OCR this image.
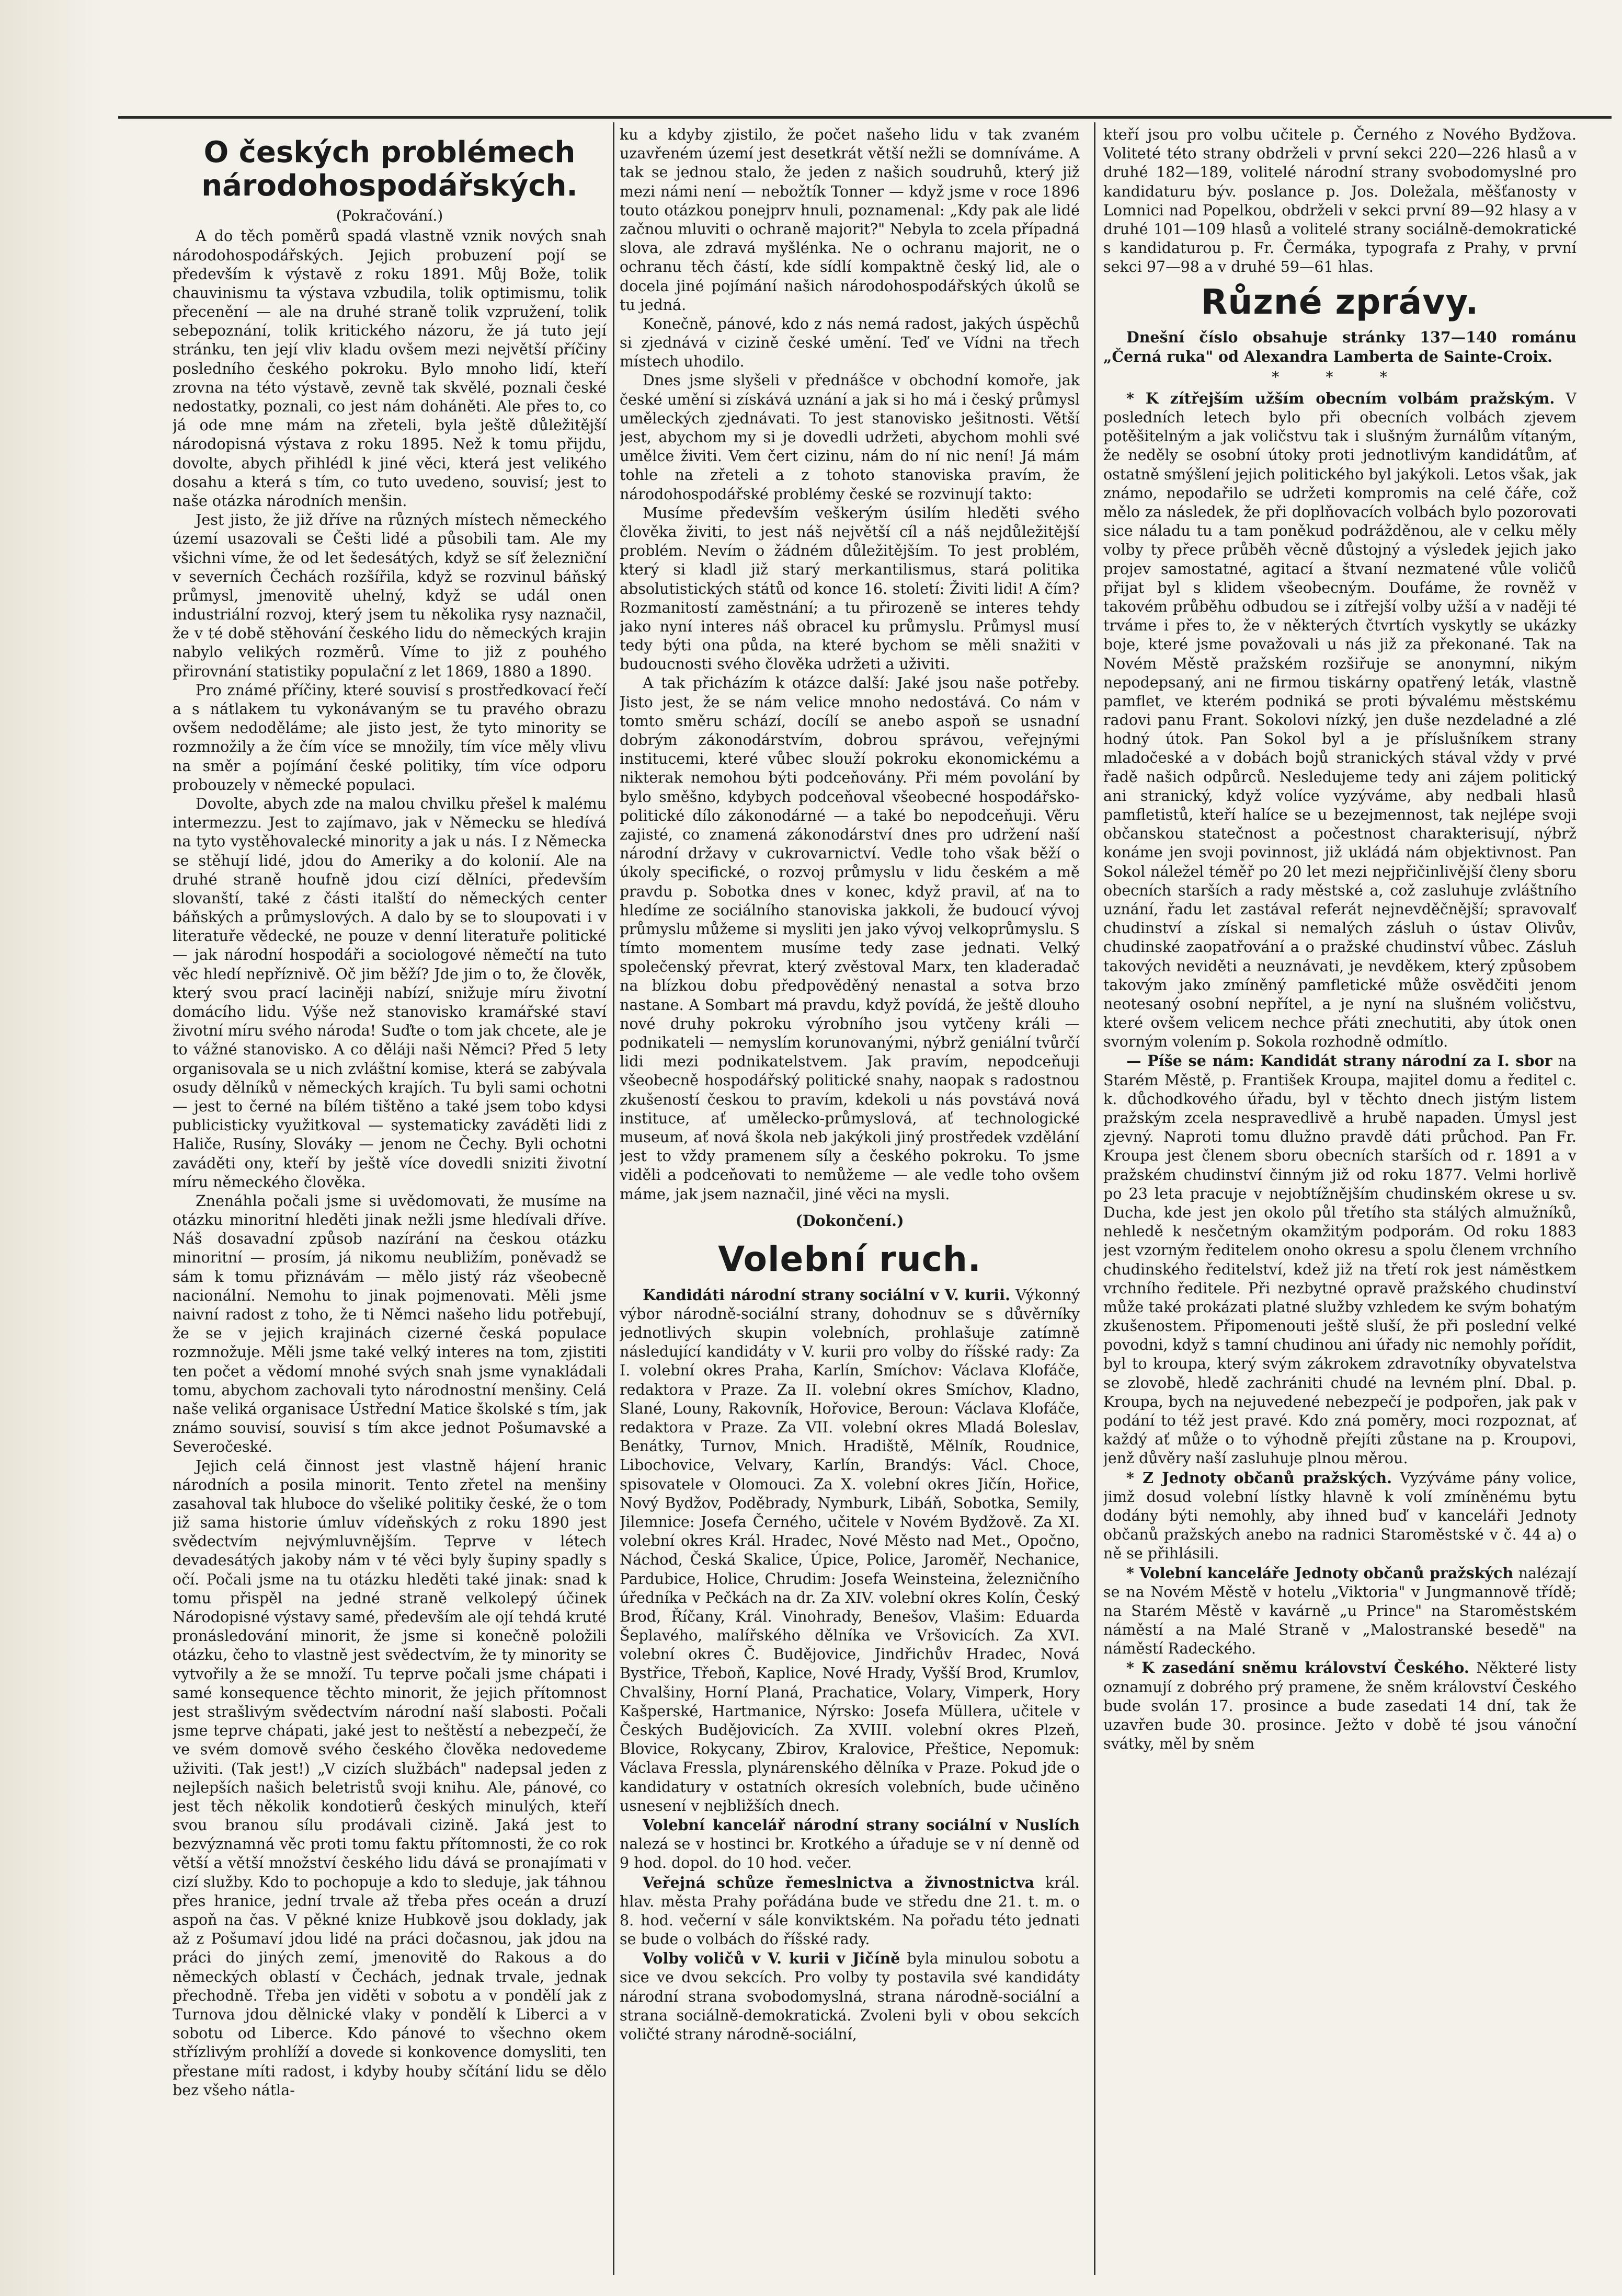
O českých problémech národohospodářských.
(Pokračování.)

A do těch poměrů spadá vlastně vznik nových snah národohospodářských. Jejich probuzení pojí se především k výstavě z roku 1891. Můj Bože, tolik chauvinismu ta výstava vzbudila, tolik optimismu, tolik přecenění — ale na druhé straně tolik vzpružení, tolik sebepoznání, tolik kritického názoru, že já tuto její stránku, ten její vliv kladu ovšem mezi největší příčiny posledního českého pokroku. Bylo mnoho lidí, kteří zrovna na této výstavě, zevně tak skvělé, poznali české nedostatky, poznali, co jest nám doháněti. Ale přes to, co já ode mne mám na zřeteli, byla ještě důležitější národopisná výstava z roku 1895. Než k tomu přijdu, dovolte, abych přihlédl k jiné věci, která jest velikého dosahu a která s tím, co tuto uvedeno, souvisí; jest to naše otázka národních menšin.

Jest jisto, že již dříve na různých místech německého území usazovali se Češti lidé a působili tam. Ale my všichni víme, že od let šedesátých, když se síť železniční v severních Čechách rozšířila, když se rozvinul báňský průmysl, jmenovitě uhelný, když se udál onen industriální rozvoj, který jsem tu několika rysy naznačil, že v té době stěhování českého lidu do německých krajin nabylo velikých rozměrů. Víme to již z pouhého přirovnání statistiky populační z let 1869, 1880 a 1890.

Pro známé příčiny, které souvisí s prostředkovací řečí a s nátlakem tu vykonávaným se tu pravého obrazu ovšem nedoděláme; ale jisto jest, že tyto minority se rozmnožily a že čím více se množily, tím více měly vlivu na směr a pojímání české politiky, tím více odporu probouzely v německé populaci.

Dovolte, abych zde na malou chvilku přešel k malému intermezzu. Jest to zajímavo, jak v Německu se hledívá na tyto vystěhovalecké minority a jak u nás. I z Německa se stěhují lidé, jdou do Ameriky a do kolonií. Ale na druhé straně houfně jdou cizí dělníci, především slovanští, také z části italští do německých center báňských a průmyslových. A dalo by se to sloupovati i v literatuře vědecké, ne pouze v denní literatuře politické — jak národní hospodáři a sociologové němečtí na tuto věc hledí nepříznivě. Oč jim běží? Jde jim o to, že člověk, který svou prací laciněji nabízí, snižuje míru životní domácího lidu. Výše než stanovisko kramářské staví životní míru svého národa! Suďte o tom jak chcete, ale je to vážné stanovisko. A co děláji naši Němci? Před 5 lety organisovala se u nich zvláštní komise, která se zabývala osudy dělníků v německých krajích. Tu byli sami ochotni — jest to černé na bílém tištěno a také jsem tobo kdysi publicisticky využitkoval — systematicky zaváděti lidi z Haliče, Rusíny, Slováky — jenom ne Čechy. Byli ochotni zaváděti ony, kteří by ještě více dovedli sniziti životní míru německého člověka.

Znenáhla počali jsme si uvědomovati, že musíme na otázku minoritní hleděti jinak nežli jsme hledívali dříve. Náš dosavadní způsob nazírání na českou otázku minoritní — prosím, já nikomu neubližím, poněvadž se sám k tomu přiznávám — mělo jistý ráz všeobecně nacionální. Nemohu to jinak pojmenovati. Měli jsme naivní radost z toho, že ti Němci našeho lidu potřebují, že se v jejich krajinách cizerné česká populace rozmnožuje. Měli jsme také velký interes na tom, zjistiti ten počet a vědomí mnohé svých snah jsme vynakládali tomu, abychom zachovali tyto národnostní menšiny. Celá naše veliká organisace Ústřední Matice školské s tím, jak známo souvisí, souvisí s tím akce jednot Pošumavské a Severočeské.

Jejich celá činnost jest vlastně hájení hranic národních a posila minorit. Tento zřetel na menšiny zasahoval tak hluboce do všeliké politiky české, že o tom již sama historie úmluv vídeňských z roku 1890 jest svědectvím nejvýmluvnějším. Teprve v létech devadesátých jakoby nám v té věci byly šupiny spadly s očí. Počali jsme na tu otázku hleděti také jinak: snad k tomu přispěl na jedné straně velkolepý účinek Národopisné výstavy samé, především ale ojí tehdá kruté pronásledování minorit, že jsme si konečně položili otázku, čeho to vlastně jest svědectvím, že ty minority se vytvořily a že se množí. Tu teprve počali jsme chápati i samé konsequence těchto minorit, že jejich přítomnost jest strašlivým svědectvím národní naší slabosti. Počali jsme teprve chápati, jaké jest to neštěstí a nebezpečí, že ve svém domově svého českého člověka nedovedeme uživiti. (Tak jest!) „V cizích službách" nadepsal jeden z nejlepších našich beletristů svoji knihu. Ale, pánové, co jest těch několik kondotierů českých minulých, kteří svou branou sílu prodávali cizině. Jaká jest to bezvýznamná věc proti tomu faktu přítomnosti, že co rok větší a větší množství českého lidu dává se pronajímati v cizí služby. Kdo to pochopuje a kdo to sleduje, jak táhnou přes hranice, jední trvale až třeba přes oceán a druzí aspoň na čas. V pěkné knize Hubkově jsou doklady, jak až z Pošumaví jdou lidé na práci dočasnou, jak jdou na práci do jiných zemí, jmenovitě do Rakous a do německých oblastí v Čechách, jednak trvale, jednak přechodně. Třeba jen viděti v sobotu a v pondělí jak z Turnova jdou dělnické vlaky v pondělí k Liberci a v sobotu od Liberce. Kdo pánové to všechno okem střízlivým prohlíží a dovede si konkovence domysliti, ten přestane míti radost, i kdyby houby sčítání lidu se dělo bez všeho nátla-

ku a kdyby zjistilo, že počet našeho lidu v tak zvaném uzavřeném území jest desetkrát větší nežli se domníváme. A tak se jednou stalo, že jeden z našich soudruhů, který již mezi námi není — nebožtík Tonner — když jsme v roce 1896 touto otázkou ponejprv hnuli, poznamenal: „Kdy pak ale lidé začnou mluviti o ochraně majorit?" Nebyla to zcela případná slova, ale zdravá myšlénka. Ne o ochranu majorit, ne o ochranu těch částí, kde sídlí kompaktně český lid, ale o docela jiné pojímání našich národohospodářských úkolů se tu jedná.

Konečně, pánové, kdo z nás nemá radost, jakých úspěchů si zjednává v cizině české umění. Teď ve Vídni na třech místech uhodilo.

Dnes jsme slyšeli v přednášce v obchodní komoře, jak české umění si získává uznání a jak si ho má i český průmysl uměleckých zjednávati. To jest stanovisko ješitnosti. Větší jest, abychom my si je dovedli udržeti, abychom mohli své umělce živiti. Vem čert cizinu, nám do ní nic není! Já mám tohle na zřeteli a z tohoto stanoviska pravím, že národohospodářské problémy české se rozvinují takto:

Musíme především veškerým úsilím hleděti svého člověka živiti, to jest náš největší cíl a náš nejdůležitější problém. Nevím o žádném důležitějším. To jest problém, který si kladl již starý merkantilismus, stará politika absolutistických států od konce 16. století: Živiti lidi! A čím? Rozmanitostí zaměstnání; a tu přirozeně se interes tehdy jako nyní interes náš obracel ku průmyslu. Průmysl musí tedy býti ona půda, na které bychom se měli snažiti v budoucnosti svého člověka udržeti a uživiti.

A tak přicházím k otázce další: Jaké jsou naše potřeby. Jisto jest, že se nám velice mnoho nedostává. Co nám v tomto směru schází, docílí se anebo aspoň se usnadní dobrým zákonodárstvím, dobrou správou, veřejnými institucemi, které vůbec slouží pokroku ekonomickému a nikterak nemohou býti podceňovány. Při mém povolání by bylo směšno, kdybych podceňoval všeobecné hospodářsko-politické dílo zákonodárné — a také bo nepodceňuji. Věru zajisté, co znamená zákonodárství dnes pro udržení naší národní državy v cukrovarnictví. Vedle toho však běží o úkoly specifické, o rozvoj průmyslu v lidu českém a mě pravdu p. Sobotka dnes v konec, když pravil, ať na to hledíme ze sociálního stanoviska jakkoli, že budoucí vývoj průmyslu můžeme si mysliti jen jako vývoj velkoprůmyslu. S tímto momentem musíme tedy zase jednati. Velký společenský převrat, který zvěstoval Marx, ten kladeradač na blízkou dobu předpověděný nenastal a sotva brzo nastane. A Sombart má pravdu, když povídá, že ještě dlouho nové druhy pokroku výrobního jsou vytčeny králi — podnikateli — nemyslím korunovanými, nýbrž geniální tvůrčí lidi mezi podnikatelstvem. Jak pravím, nepodceňuji všeobecně hospodářský politické snahy, naopak s radostnou zkušeností českou to pravím, kdekoli u nás povstává nová instituce, ať umělecko-průmyslová, ať technologické museum, ať nová škola neb jakýkoli jiný prostředek vzdělání jest to vždy pramenem síly a českého pokroku. To jsme viděli a podceňovati to nemůžeme — ale vedle toho ovšem máme, jak jsem naznačil, jiné věci na mysli.

(Dokončení.)

Volební ruch.

Kandidáti národní strany sociální v V. kurii. Výkonný výbor národně-sociální strany, dohodnuv se s důvěrníky jednotlivých skupin volebních, prohlašuje zatímně následující kandidáty v V. kurii pro volby do říšské rady: Za I. volební okres Praha, Karlín, Smíchov: Václava Klofáče, redaktora v Praze. Za II. volební okres Smíchov, Kladno, Slané, Louny, Rakovník, Hořovice, Beroun: Václava Klofáče, redaktora v Praze. Za VII. volební okres Mladá Boleslav, Benátky, Turnov, Mnich. Hradiště, Mělník, Roudnice, Libochovice, Velvary, Karlín, Brandýs: Václ. Choce, spisovatele v Olomouci. Za X. volební okres Jičín, Hořice, Nový Bydžov, Poděbrady, Nymburk, Libáň, Sobotka, Semily, Jilemnice: Josefa Černého, učitele v Novém Bydžově. Za XI. volební okres Král. Hradec, Nové Město nad Met., Opočno, Náchod, Česká Skalice, Úpice, Police, Jaroměř, Nechanice, Pardubice, Holice, Chrudim: Josefa Weinsteina, železničního úředníka v Pečkách na dr. Za XIV. volební okres Kolín, Český Brod, Říčany, Král. Vinohrady, Benešov, Vlašim: Eduarda Šeplavého, malířského dělníka ve Vršovicích. Za XVI. volební okres Č. Budějovice, Jindřichův Hradec, Nová Bystřice, Třeboň, Kaplice, Nové Hrady, Vyšší Brod, Krumlov, Chvalšiny, Horní Planá, Prachatice, Volary, Vimperk, Hory Kašperské, Hartmanice, Nýrsko: Josefa Müllera, učitele v Českých Budějovicích. Za XVIII. volební okres Plzeň, Blovice, Rokycany, Zbirov, Kralovice, Přeštice, Nepomuk: Václava Fresslа, plynárenského dělníka v Praze. Pokud jde o kandidatury v ostatních okresích volebních, bude učiněno usnesení v nejbližších dnech.

Volební kancelář národní strany sociální v Nuslích nalezá se v hostinci br. Krotkého a úřaduje se v ní denně od 9 hod. dopol. do 10 hod. večer.

Veřejná schůze řemeslnictva a živnostnictva král. hlav. města Prahy pořádána bude ve středu dne 21. t. m. o 8. hod. večerní v sále konviktském. Na pořadu této jednati se bude o volbách do říšské rady.

Volby voličů v V. kurii v Jičíně byla minulou sobotu a sice ve dvou sekcích. Pro volby ty postavila své kandidáty národní strana svobodomyslná, strana národně-sociální a strana sociálně-demokratická. Zvoleni byli v obou sekcích voličté strany národně-sociální,

kteří jsou pro volbu učitele p. Černého z Nového Bydžova. Voliteté této strany obdrželi v první sekci 220—226 hlasů a v druhé 182—189, volitelé národní strany svobodomyslné pro kandidaturu býv. poslance p. Jos. Doležala, měšťanosty v Lomnici nad Popelkou, obdrželi v sekci první 89—92 hlasy a v druhé 101—109 hlasů a volitelé strany sociálně-demokratické s kandidaturou p. Fr. Čermáka, typografa z Prahy, v první sekci 97—98 a v druhé 59—61 hlas.

Různé zprávy.

Dnešní číslo obsahuje stránky 137—140 románu „Černá ruka" od Alexandra Lamberta de Sainte-Croix.

* * *

* K zítřejším užším obecním volbám pražským. V posledních letech bylo při obecních volbách zjevem potěšitelným a jak voličstvu tak i slušným žurnálům vítaným, že neděly se osobní útoky proti jednotlivým kandidátům, ať ostatně smýšlení jejich politického byl jakýkoli. Letos však, jak známo, nepodařilo se udržeti kompromis na celé čáře, což mělo za následek, že při doplňovacích volbách bylo pozorovati sice náladu tu a tam poněkud podrážděnou, ale v celku měly volby ty přece průběh věcně důstojný a výsledek jejich jako projev samostatné, agitací a štvaní nezmatené vůle voličů přijat byl s klidem všeobecným. Doufáme, že rovněž v takovém průběhu odbudou se i zítřejší volby užší a v naději té trváme i přes to, že v některých čtvrtích vyskytly se ukázky boje, které jsme považovali u nás již za překonané. Tak na Novém Městě pražském rozšiřuje se anonymní, nikým nepodepsaný, ani ne firmou tiskárny opatřený leták, vlastně pamflet, ve kterém podniká se proti bývalému městskému radovi panu Frant. Sokolovi nízký, jen duše nezdeladné a zlé hodný útok. Pan Sokol byl a je příslušníkem strany mladočeské a v dobách bojů stranických stával vždy v prvé řadě našich odpůrců. Nesledujeme tedy ani zájem politický ani stranický, když volíce vyzýváme, aby nedbali hlasů pamfletistů, kteří halíce se u bezejmennost, tak nejlépe svoji občanskou statečnost a počestnost charakterisují, nýbrž konáme jen svoji povinnost, již ukládá nám objektivnost. Pan Sokol náležel téměř po 20 let mezi nejpřičinlivější členy sboru obecních starších a rady městské a, což zasluhuje zvláštního uznání, řadu let zastával referát nejnevděčnější; spravovalť chudinství a získal si nemalých zásluh o ústav Olivův, chudinské zaopatřování a o pražské chudinství vůbec. Zásluh takových neviděti a neuznávati, je nevděkem, který způsobem takovým jako zmíněný pamfletické může osvědčiti jenom neotesaný osobní nepřítel, a je nyní na slušném voličstvu, které ovšem velicem nechce přáti znechutiti, aby útok onen svorným volením p. Sokola rozhodně odmítlo.

— Píše se nám: Kandidát strany národní za I. sbor na Starém Městě, p. František Kroupa, majitel domu a ředitel c. k. důchodkového úřadu, byl v těchto dnech jistým listem pražským zcela nespravedlivě a hrubě napaden. Úmysl jest zjevný. Naproti tomu dlužno pravdě dáti průchod. Pan Fr. Kroupa jest členem sboru obecních starších od r. 1891 a v pražském chudinství činným již od roku 1877. Velmi horlivě po 23 leta pracuje v nejobtížnějším chudinském okrese u sv. Ducha, kde jest jen okolo půl třetího sta stálých almužníků, nehledě k nesčetným okamžitým podporám. Od roku 1883 jest vzorným ředitelem onoho okresu a spolu členem vrchního chudinského ředitelství, kdež již na třetí rok jest náměstkem vrchního ředitele. Při nezbytné opravě pražského chudinství může také prokázati platné služby vzhledem ke svým bohatým zkušenostem. Připomenouti ještě sluší, že při poslední velké povodni, když s tamní chudinou ani úřady nic nemohly pořídit, byl to kroupa, který svým zákrokem zdravotníky obyvatelstva se zlovobě, hledě zachrániti chudé na levném plní. Dbal. p. Kroupa, bych na nejuvedené nebezpečí je podpořen, jak pak v podání to též jest pravé. Kdo zná poměry, moci rozpoznat, ať každý ať může o to výhodně přejíti zůstane na p. Kroupovi, jenž důvěry naší zasluhuje plnou měrou.

* Z Jednoty občanů pražských. Vyzýváme pány volice, jimž dosud volební lístky hlavně k volí zmíněnému bytu dodány býti nemohly, aby ihned buď v kanceláři Jednoty občanů pražských anebo na radnici Staroměstské v č. 44 a) o ně se přihlásili.

* Volební kanceláře Jednoty občanů pražských nalézají se na Novém Městě v hotelu „Viktoria" v Jungmannově třídě; na Starém Městě v kavárně „u Prince" na Staroměstském náměstí a na Malé Straně v „Malostranské besedě" na náměstí Radeckého.

* K zasedání sněmu království Českého. Některé listy oznamují z dobrého prý pramene, že sněm království Českého bude svolán 17. prosince a bude zasedati 14 dní, tak že uzavřen bude 30. prosince. Ježto v době té jsou vánoční svátky, měl by sněm
